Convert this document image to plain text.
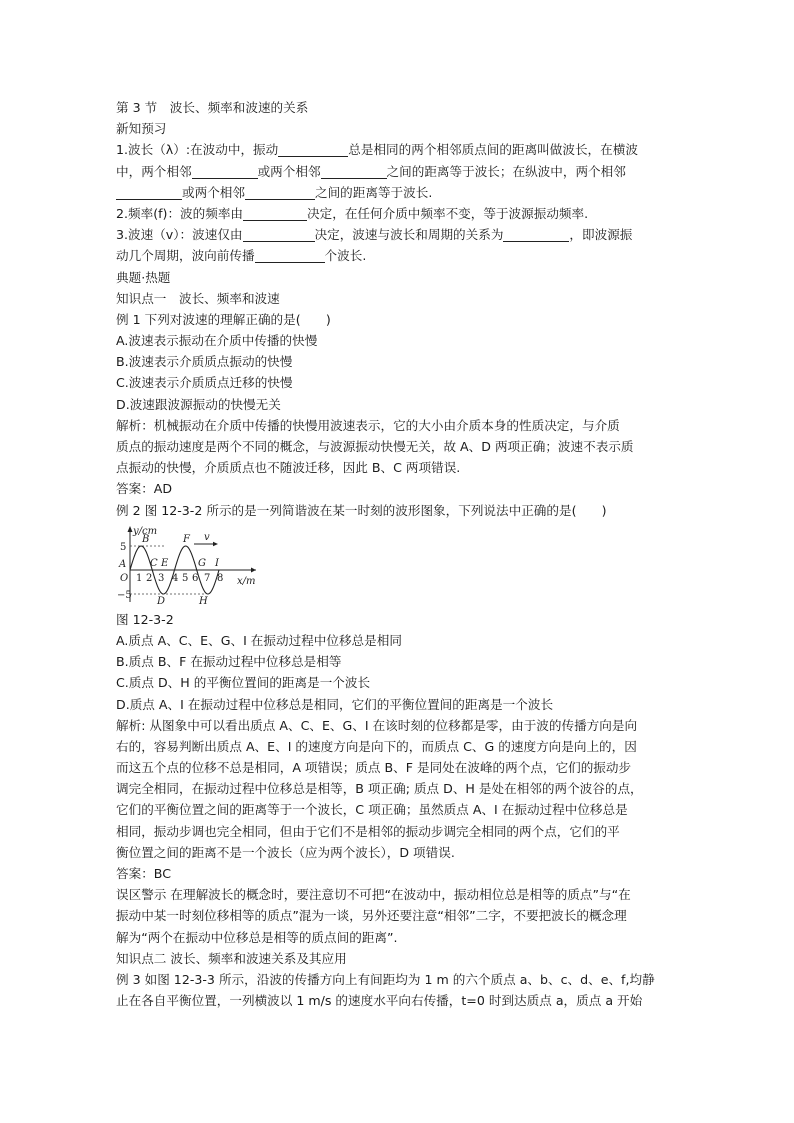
第 3 节　波长、频率和波速的关系
新知预习
1.波长（λ）:在波动中，振动	总是相同的两个相邻质点间的距离叫做波长，在横波
中，两个相邻	或两个相邻	之间的距离等于波长；在纵波中，两个相邻
或两个相邻	之间的距离等于波长.
2.频率(f)：波的频率由	决定，在任何介质中频率不变，等于波源振动频率.
3.波速（v）：波速仅由	决定，波速与波长和周期的关系为	，即波源振
动几个周期，波向前传播	个波长.
典题·热题
知识点一　波长、频率和波速
例 1 下列对波速的理解正确的是(　　)
A.波速表示振动在介质中传播的快慢
B.波速表示介质质点振动的快慢
C.波速表示介质质点迁移的快慢
D.波速跟波源振动的快慢无关
解析：机械振动在介质中传播的快慢用波速表示，它的大小由介质本身的性质决定，与介质
质点的振动速度是两个不同的概念，与波源振动快慢无关，故 A、D 两项正确；波速不表示质
点振动的快慢，介质质点也不随波迁移，因此 B、C 两项错误.
答案：AD
例 2 图 12-3-2 所示的是一列简谐波在某一时刻的波形图象，下列说法中正确的是(　　)
v
y/cm
x/m
5
O
−5
A
B
C E
F
G I
D	H
1 2 3 4 5 6 7 8
图 12-3-2
A.质点 A、C、E、G、I 在振动过程中位移总是相同
B.质点 B、F 在振动过程中位移总是相等
C.质点 D、H 的平衡位置间的距离是一个波长
D.质点 A、I 在振动过程中位移总是相同，它们的平衡位置间的距离是一个波长
解析: 从图象中可以看出质点 A、C、E、G、I 在该时刻的位移都是零，由于波的传播方向是向
右的，容易判断出质点 A、E、I 的速度方向是向下的，而质点 C、G 的速度方向是向上的，因
而这五个点的位移不总是相同，A 项错误；质点 B、F 是同处在波峰的两个点，它们的振动步
调完全相同，在振动过程中位移总是相等，B 项正确; 质点 D、H 是处在相邻的两个波谷的点，
它们的平衡位置之间的距离等于一个波长，C 项正确；虽然质点 A、I 在振动过程中位移总是
相同，振动步调也完全相同，但由于它们不是相邻的振动步调完全相同的两个点，它们的平
衡位置之间的距离不是一个波长（应为两个波长），D 项错误.
答案：BC
误区警示 在理解波长的概念时，要注意切不可把“在波动中，振动相位总是相等的质点”与“在
振动中某一时刻位移相等的质点”混为一谈，另外还要注意“相邻”二字，不要把波长的概念理
解为“两个在振动中位移总是相等的质点间的距离”.
知识点二 波长、频率和波速关系及其应用
例 3 如图 12-3-3 所示，沿波的传播方向上有间距均为 1 m 的六个质点 a、b、c、d、e、f,均静
止在各自平衡位置，一列横波以 1 m/s 的速度水平向右传播，t=0 时到达质点 a，质点 a 开始
